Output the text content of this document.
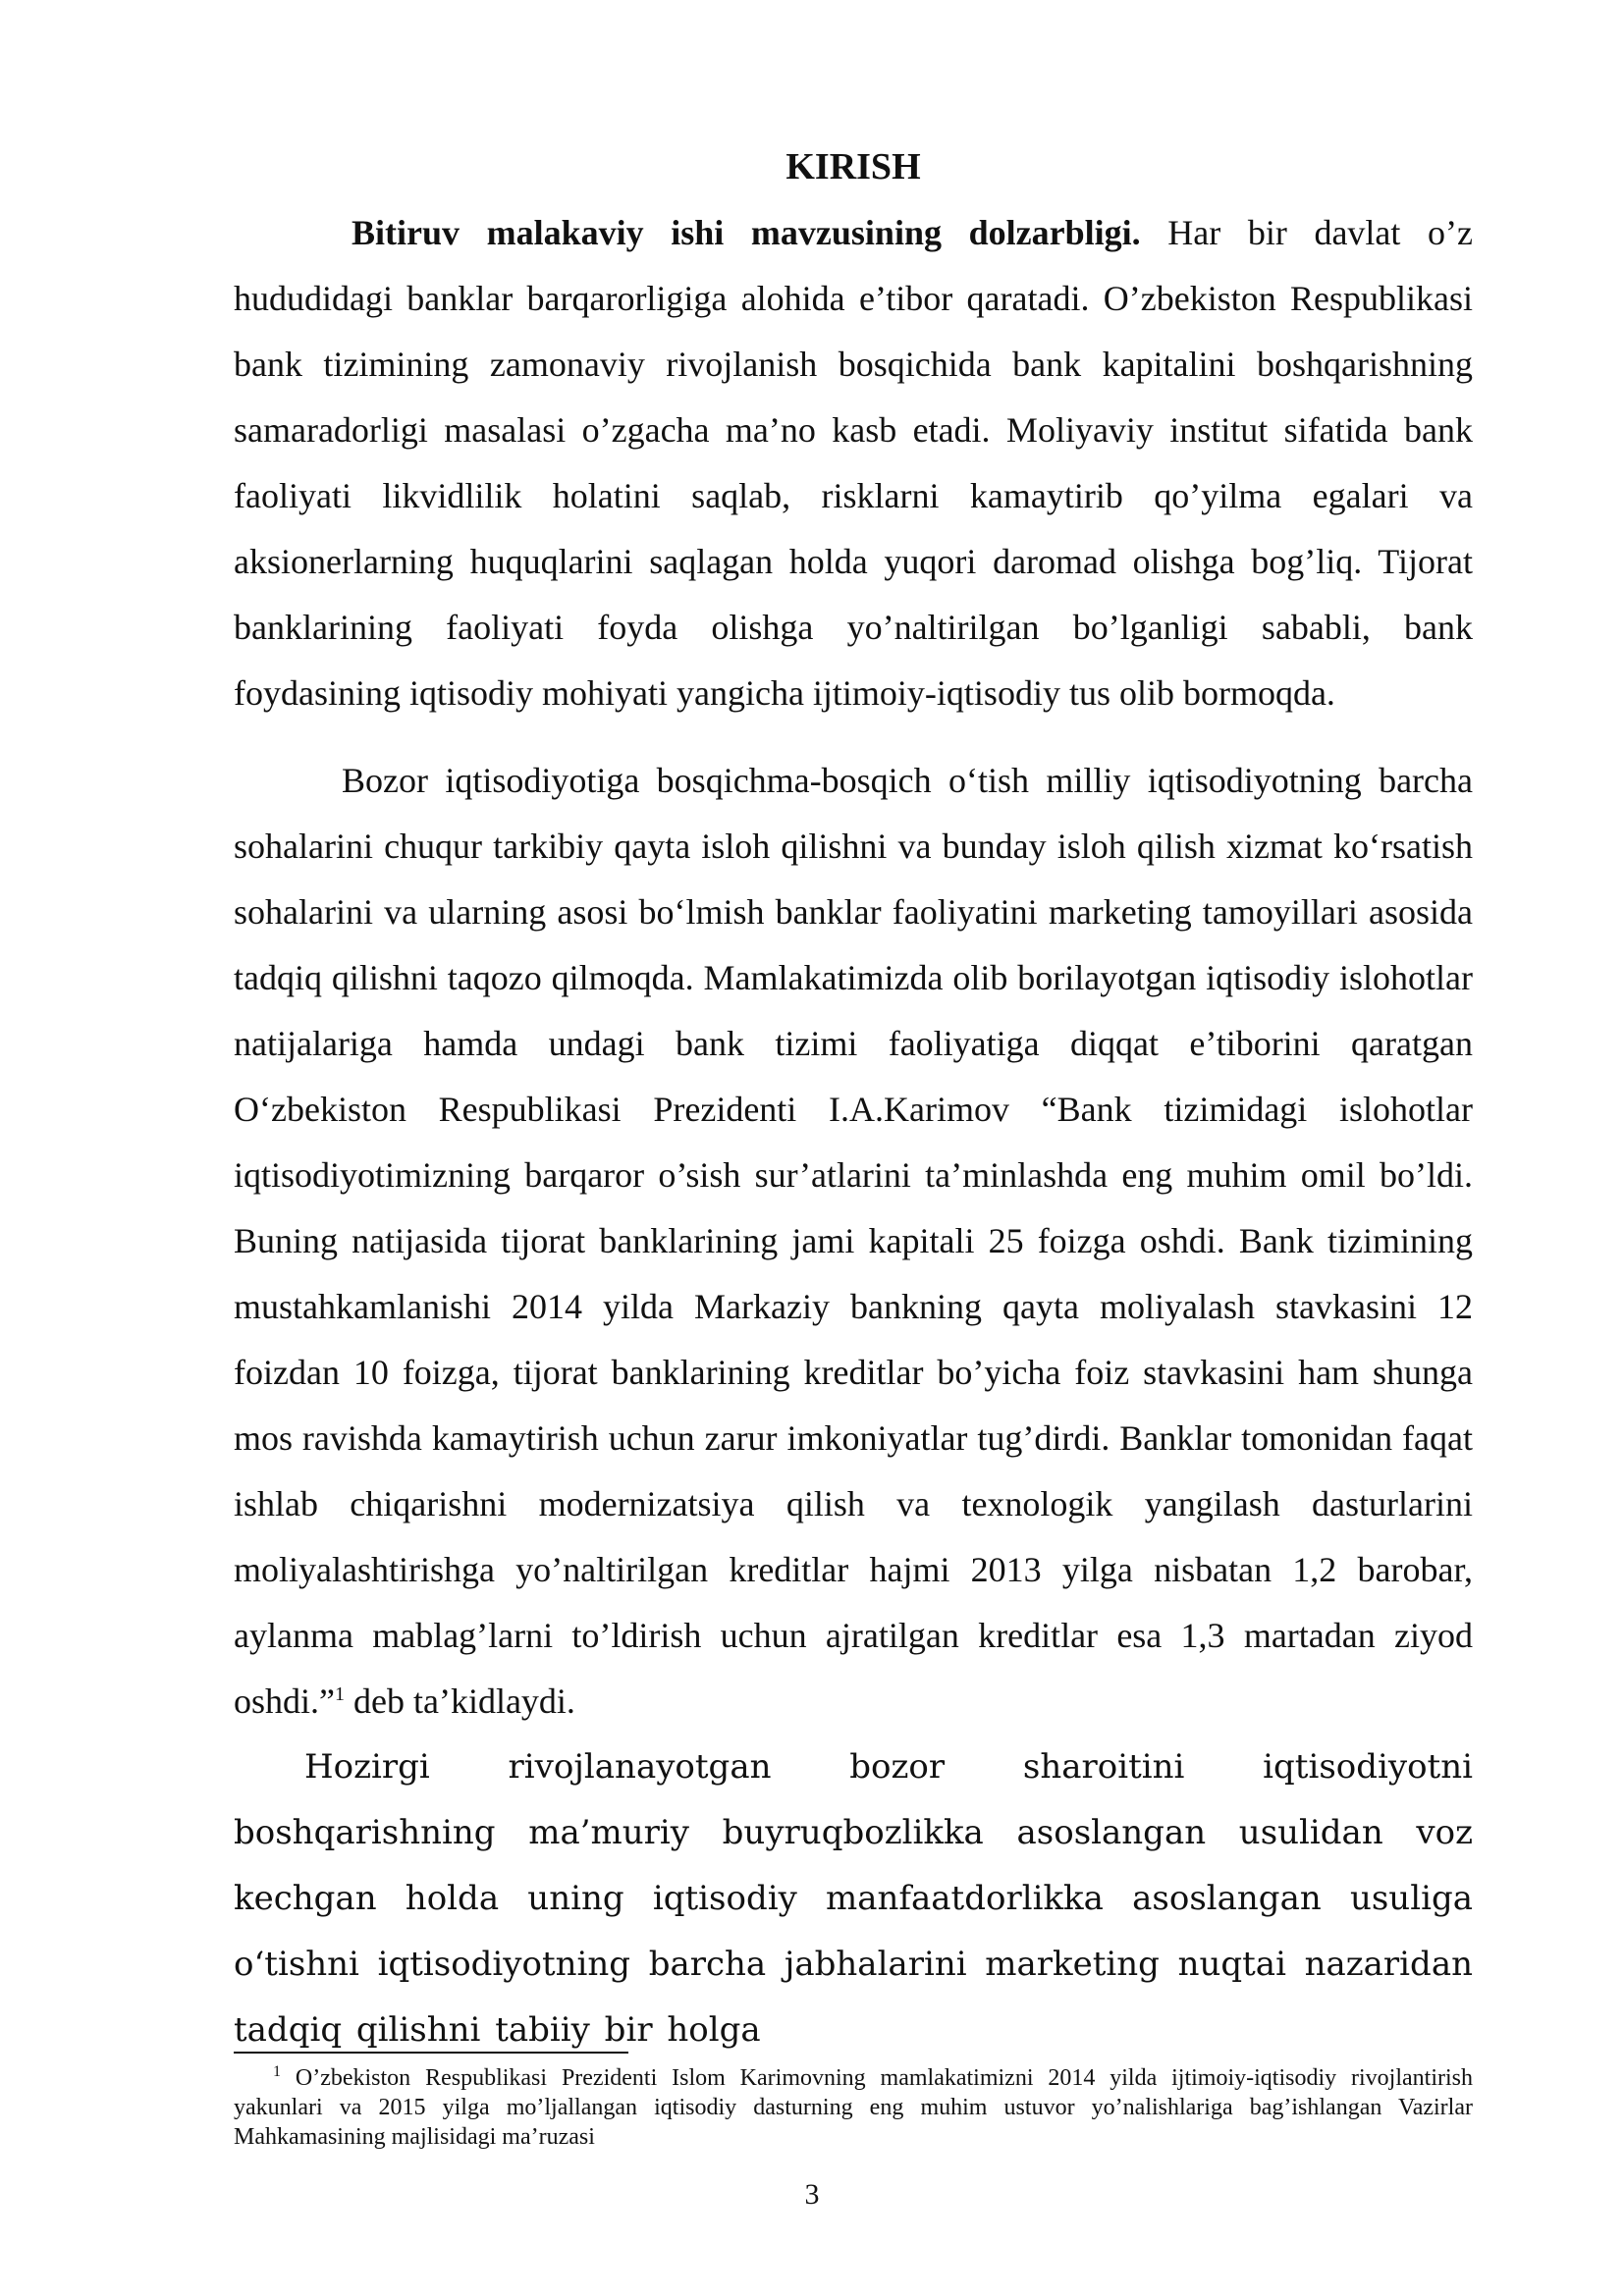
KIRISH

Bitiruv malakaviy ishi mavzusining dolzarbligi. Har bir davlat o’z hududidagi banklar barqarorligiga alohida e’tibor qaratadi. O’zbekiston Respublikasi bank tizimining zamonaviy rivojlanish bosqichida bank kapitalini boshqarishning samaradorligi masalasi o’zgacha ma’no kasb etadi. Moliyaviy institut sifatida bank faoliyati likvidlilik holatini saqlab, risklarni kamaytirib qo’yilma egalari va aksionerlarning huquqlarini saqlagan holda yuqori daromad olishga bog’liq. Tijorat banklarining faoliyati foyda olishga yo’naltirilgan bo’lganligi sababli, bank foydasining iqtisodiy mohiyati yangicha ijtimoiy-iqtisodiy tus olib bormoqda.

Bozor iqtisodiyotiga bosqichma-bosqich o‘tish milliy iqtisodiyotning barcha sohalarini chuqur tarkibiy qayta isloh qilishni va bunday isloh qilish xizmat ko‘rsatish sohalarini va ularning asosi bo‘lmish banklar faoliyatini marketing tamoyillari asosida tadqiq qilishni taqozo qilmoqda. Mamlakatimizda olib borilayotgan iqtisodiy islohotlar natijalariga hamda undagi bank tizimi faoliyatiga diqqat e’tiborini qaratgan O‘zbekiston Respublikasi Prezidenti I.A.Karimov “Bank tizimidagi islohotlar iqtisodiyotimizning barqaror o’sish sur’atlarini ta’minlashda eng muhim omil bo’ldi. Buning natijasida tijorat banklarining jami kapitali 25 foizga oshdi. Bank tizimining mustahkamlanishi 2014 yilda Markaziy bankning qayta moliyalash stavkasini 12 foizdan 10 foizga, tijorat banklarining kreditlar bo’yicha foiz stavkasini ham shunga mos ravishda kamaytirish uchun zarur imkoniyatlar tug’dirdi. Banklar tomonidan faqat ishlab chiqarishni modernizatsiya qilish va texnologik yangilash dasturlarini moliyalashtirishga yo’naltirilgan kreditlar hajmi 2013 yilga nisbatan 1,2 barobar, aylanma mablag’larni to’ldirish uchun ajratilgan kreditlar esa 1,3 martadan ziyod oshdi.”$^1$ deb ta’kidlaydi.

Hozirgi rivojlanayotgan bozor sharoitini iqtisodiyotni boshqarishning ma’muriy buyruqbozlikka asoslangan usulidan voz kechgan holda uning iqtisodiy manfaatdorlikka asoslangan usuliga o‘tishni iqtisodiyotning barcha jabhalarini marketing nuqtai nazaridan tadqiq qilishni tabiiy bir holga

$^1$ O’zbekiston Respublikasi Prezidenti Islom Karimovning mamlakatimizni 2014 yilda ijtimoiy-iqtisodiy rivojlantirish yakunlari va 2015 yilga mo’ljallangan iqtisodiy dasturning eng muhim ustuvor yo’nalishlariga bag’ishlangan Vazirlar Mahkamasining majlisidagi ma’ruzasi

3
